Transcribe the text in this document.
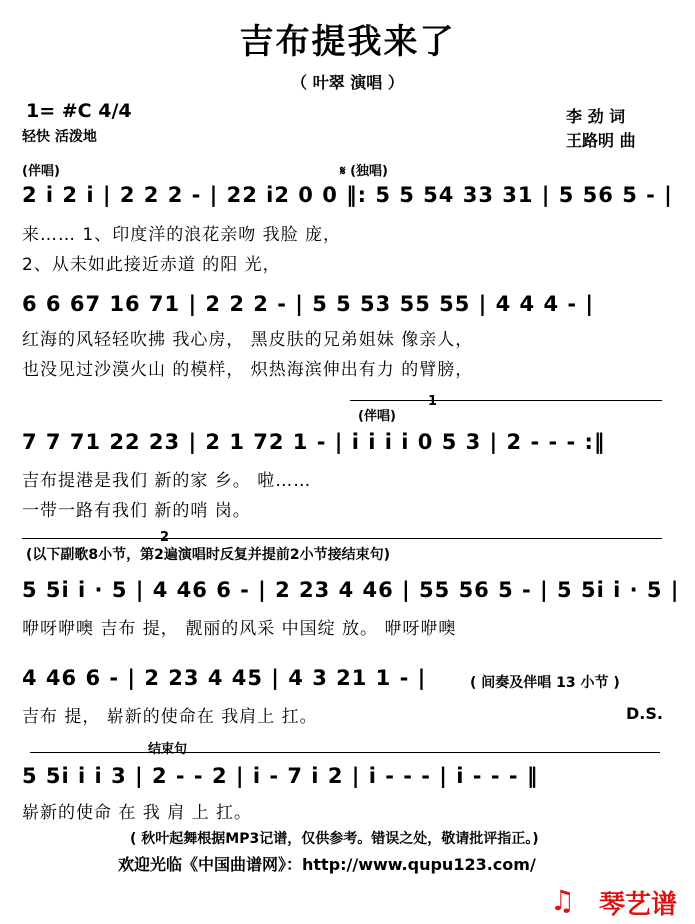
吉布提我来了
（ 叶翠 演唱 ）
1= #C 4/4
轻快 活泼地
李 劲 词
王路明 曲
(伴唱)	𝄋 (独唱)
2 i 2 i | 2 2 2 - | 22 i2 0 0 ‖: 5 5 54 33 31 | 5 56 5 - |
来…… 1、印度洋的浪花亲吻 我脸 庞，
2、从未如此接近赤道 的阳 光，
6 6 67 16 71 | 2 2 2 - | 5 5 53 55 55 | 4 4 4 - |
红海的风轻轻吹拂 我心房， 黑皮肤的兄弟姐妹 像亲人，
也没见过沙漠火山 的模样， 炽热海滨伸出有力 的臂膀，
1
(伴唱)
7 7 71 22 23 | 2 1 72 1 - | i i i i 0 5 3 | 2 - - - :‖
吉布提港是我们 新的家 乡。 啦……
一带一路有我们 新的哨 岗。
2
(以下副歌8小节，第2遍演唱时反复并提前2小节接结束句)
5 5i i · 5 | 4 46 6 - | 2 23 4 46 | 55 56 5 - | 5 5i i · 5 |
咿呀咿噢 吉布 提， 靓丽的风采 中国绽 放。 咿呀咿噢
4 46 6 - | 2 23 4 45 | 4 3 21 1 - |	( 间奏及伴唱 13 小节 )
吉布 提， 崭新的使命在 我肩上 扛。	D.S.
结束句
5 5i i i 3 | 2 - - 2 | i - 7 i 2 | i - - - | i - - - ‖
崭新的使命 在 我 肩 上 扛。
( 秋叶起舞根据MP3记谱，仅供参考。错误之处，敬请批评指正。)
欢迎光临《中国曲谱网》：http://www.qupu123.com/
♫ 琴艺谱
